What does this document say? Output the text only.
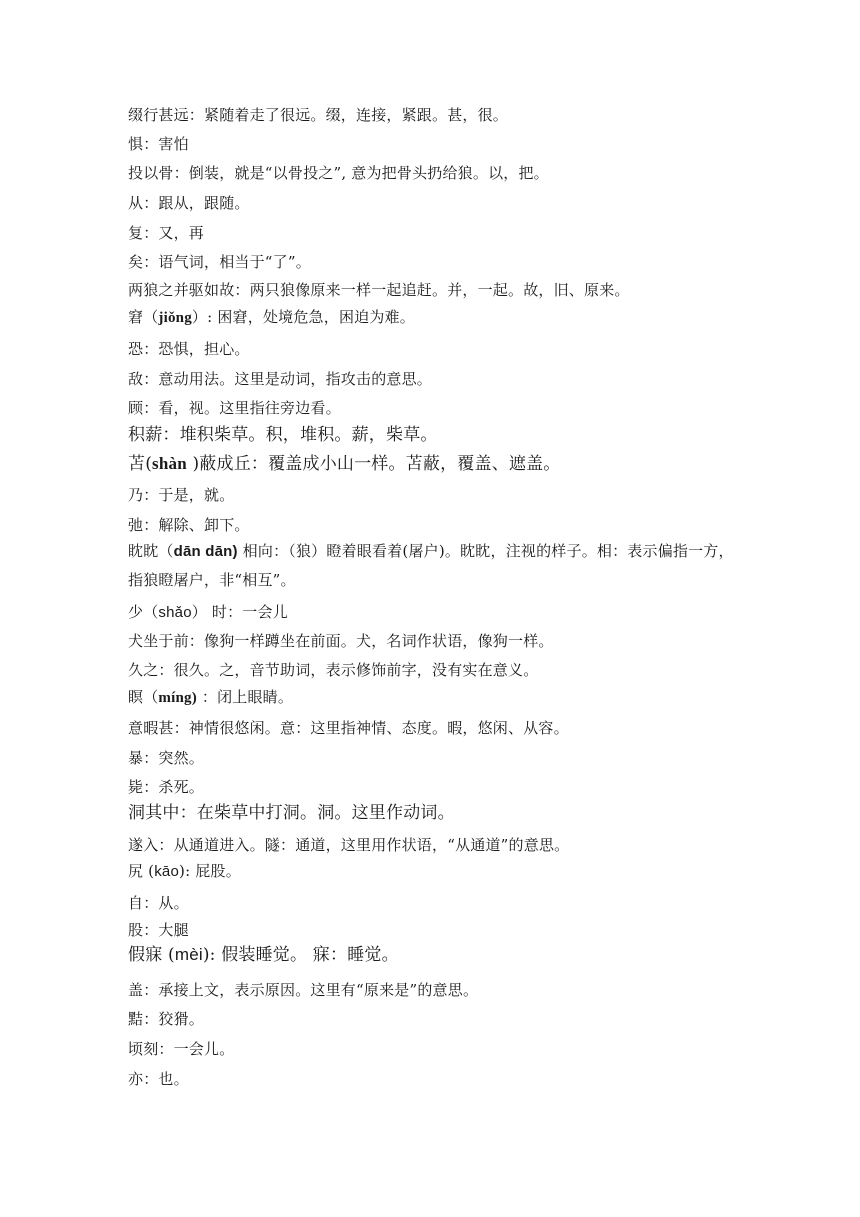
缀行甚远：紧随着走了很远。缀，连接，紧跟。甚，很。
惧：害怕
投以骨：倒装，就是“以骨投之”, 意为把骨头扔给狼。以，把。
从：跟从，跟随。
复：又，再
矣：语气词，相当于“了”。
两狼之并驱如故：两只狼像原来一样一起追赶。并，一起。故，旧、原来。
窘（jiǒng）: 困窘，处境危急，困迫为难。
恐：恐惧，担心。
敌：意动用法。这里是动词，指攻击的意思。
顾：看，视。这里指往旁边看。
积薪：堆积柴草。积，堆积。薪，柴草。
苫(shàn )蔽成丘：覆盖成小山一样。苫蔽，覆盖、遮盖。
乃：于是，就。
弛：解除、卸下。
眈眈（dān dān) 相向：（狼）瞪着眼看着(屠户)。眈眈，注视的样子。相：表示偏指一方，指狼瞪屠户，非“相互”。
少（shǎo） 时：一会儿
犬坐于前：像狗一样蹲坐在前面。犬，名词作状语，像狗一样。
久之：很久。之，音节助词，表示修饰前字，没有实在意义。
瞑（míng) ：闭上眼睛。
意暇甚：神情很悠闲。意：这里指神情、态度。暇，悠闲、从容。
暴：突然。
毙：杀死。
洞其中：在柴草中打洞。洞。这里作动词。
遂入：从通道进入。隧：通道，这里用作状语，“从通道”的意思。
尻 (kāo): 屁股。
自：从。
股：大腿
假寐 (mèi): 假装睡觉。 寐：睡觉。
盖：承接上文，表示原因。这里有“原来是”的意思。
黠：狡猾。
顷刻：一会儿。
亦：也。
